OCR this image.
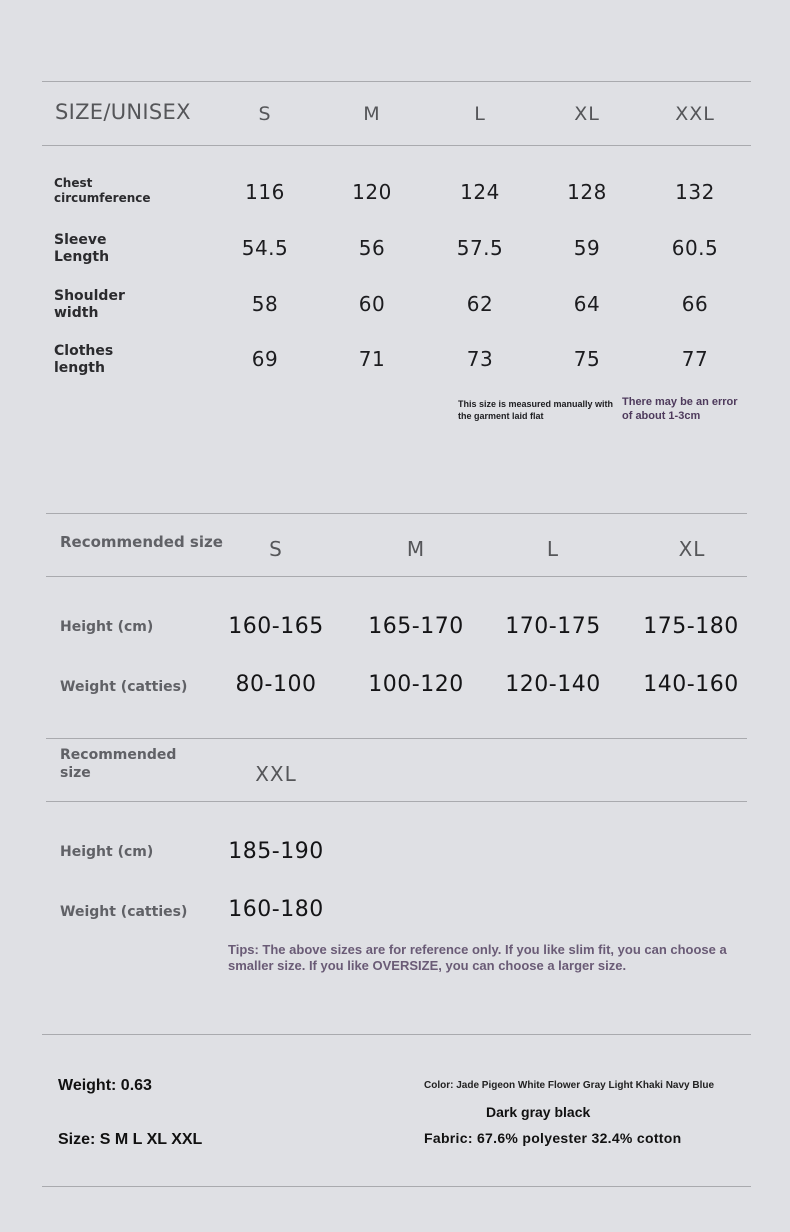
SIZE/UNISEX	S	M	L	XL	XXL
Chest circumference	116	120	124	128	132
Sleeve Length	54.5	56	57.5	59	60.5
Shoulder width	58	60	62	64	66
Clothes length	69	71	73	75	77
This size is measured manually with the garment laid flat
There may be an error of about 1-3cm
Recommended size	S	M	L	XL
Height (cm)	160-165	165-170	170-175	175-180
Weight (catties)	80-100	100-120	120-140	140-160
Recommended size	XXL
Height (cm)	185-190
Weight (catties)	160-180
Tips: The above sizes are for reference only. If you like slim fit, you can choose a smaller size. If you like OVERSIZE, you can choose a larger size.
Weight: 0.63
Size: S M L XL XXL
Color: Jade Pigeon White Flower Gray Light Khaki Navy Blue
Dark gray black
Fabric: 67.6% polyester 32.4% cotton
